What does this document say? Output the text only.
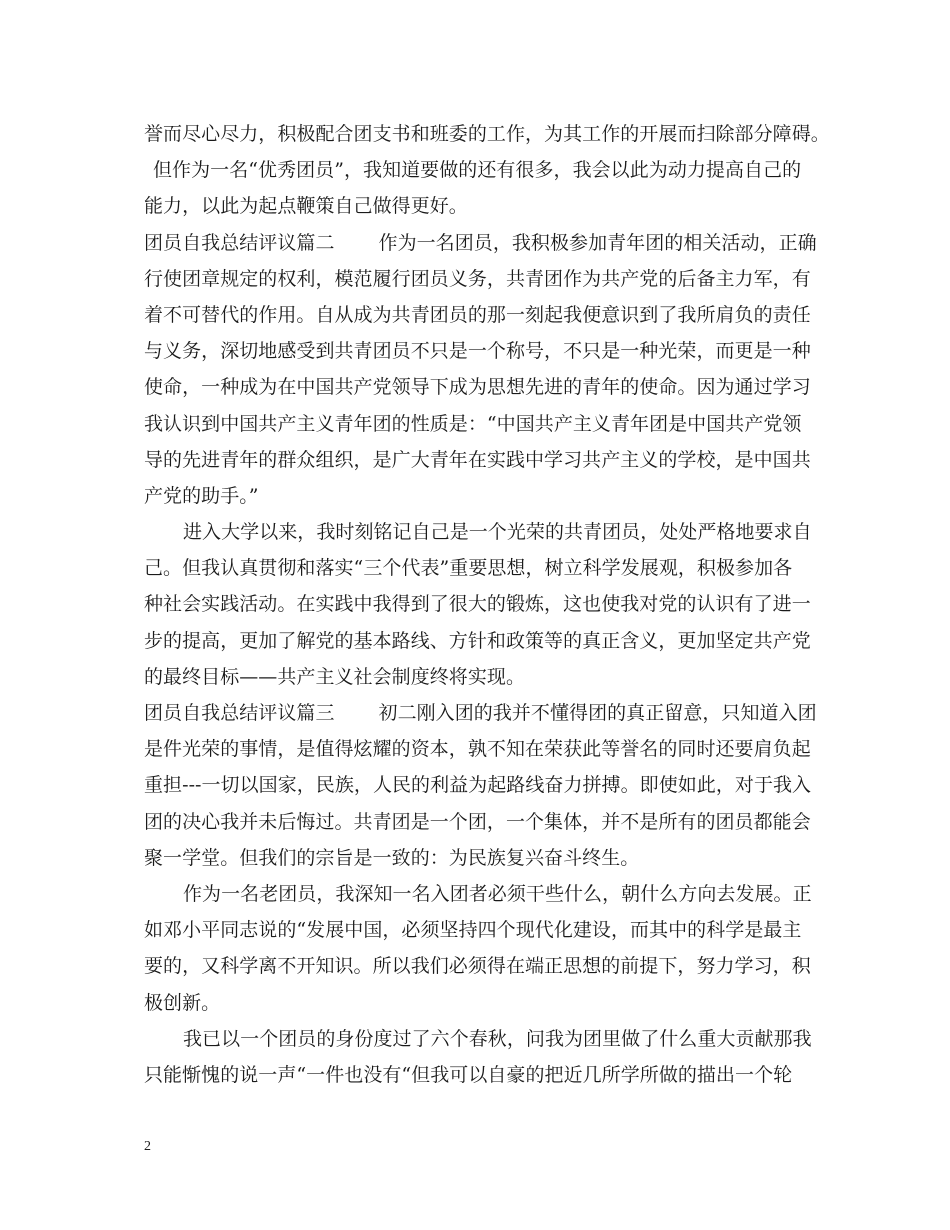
誉而尽心尽力，积极配合团支书和班委的工作，为其工作的开展而扫除部分障碍。
但作为一名“优秀团员”，我知道要做的还有很多，我会以此为动力提高自己的
能力，以此为起点鞭策自己做得更好。
团员自我总结评议篇二 作为一名团员，我积极参加青年团的相关活动，正确
行使团章规定的权利，模范履行团员义务，共青团作为共产党的后备主力军，有
着不可替代的作用。自从成为共青团员的那一刻起我便意识到了我所肩负的责任
与义务，深切地感受到共青团员不只是一个称号，不只是一种光荣，而更是一种
使命，一种成为在中国共产党领导下成为思想先进的青年的使命。因为通过学习
我认识到中国共产主义青年团的性质是：“中国共产主义青年团是中国共产党领
导的先进青年的群众组织，是广大青年在实践中学习共产主义的学校，是中国共
产党的助手。”
进入大学以来，我时刻铭记自己是一个光荣的共青团员，处处严格地要求自
己。但我认真贯彻和落实“三个代表”重要思想，树立科学发展观，积极参加各
种社会实践活动。在实践中我得到了很大的锻炼，这也使我对党的认识有了进一
步的提高，更加了解党的基本路线、方针和政策等的真正含义，更加坚定共产党
的最终目标——共产主义社会制度终将实现。
团员自我总结评议篇三 初二刚入团的我并不懂得团的真正留意，只知道入团
是件光荣的事情，是值得炫耀的资本，孰不知在荣获此等誉名的同时还要肩负起
重担---一切以国家，民族，人民的利益为起路线奋力拼搏。即使如此，对于我入
团的决心我并未后悔过。共青团是一个团，一个集体，并不是所有的团员都能会
聚一学堂。但我们的宗旨是一致的：为民族复兴奋斗终生。
作为一名老团员，我深知一名入团者必须干些什么，朝什么方向去发展。正
如邓小平同志说的“发展中国，必须坚持四个现代化建设，而其中的科学是最主
要的，又科学离不开知识。所以我们必须得在端正思想的前提下，努力学习，积
极创新。
我已以一个团员的身份度过了六个春秋，问我为团里做了什么重大贡献那我
只能惭愧的说一声“一件也没有“但我可以自豪的把近几所学所做的描出一个轮
2
